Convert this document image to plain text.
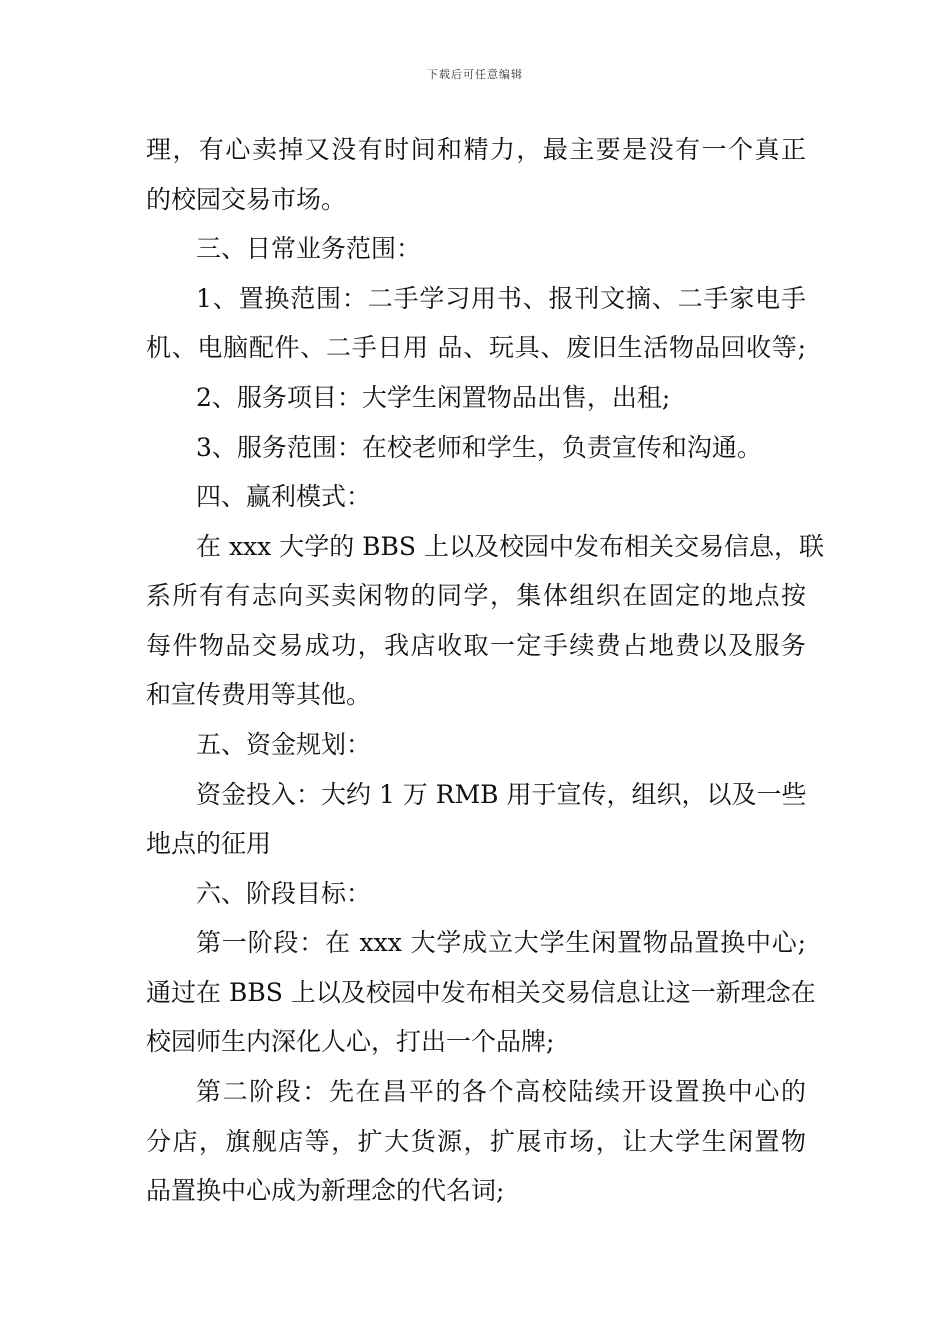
下载后可任意编辑
理，有心卖掉又没有时间和精力，最主要是没有一个真正
的校园交易市场。
三、日常业务范围：
1、置换范围：二手学习用书、报刊文摘、二手家电手
机、电脑配件、二手日用 品、玩具、废旧生活物品回收等;
2、服务项目：大学生闲置物品出售，出租;
3、服务范围：在校老师和学生，负责宣传和沟通。
四、赢利模式：
在 xxx 大学的 BBS 上以及校园中发布相关交易信息，联
系所有有志向买卖闲物的同学，集体组织在固定的地点按
每件物品交易成功，我店收取一定手续费占地费以及服务
和宣传费用等其他。
五、资金规划：
资金投入：大约 1 万 RMB 用于宣传，组织，以及一些
地点的征用
六、阶段目标：
第一阶段：在 xxx 大学成立大学生闲置物品置换中心;
通过在 BBS 上以及校园中发布相关交易信息让这一新理念在
校园师生内深化人心，打出一个品牌;
第二阶段：先在昌平的各个高校陆续开设置换中心的
分店，旗舰店等，扩大货源，扩展市场，让大学生闲置物
品置换中心成为新理念的代名词;
